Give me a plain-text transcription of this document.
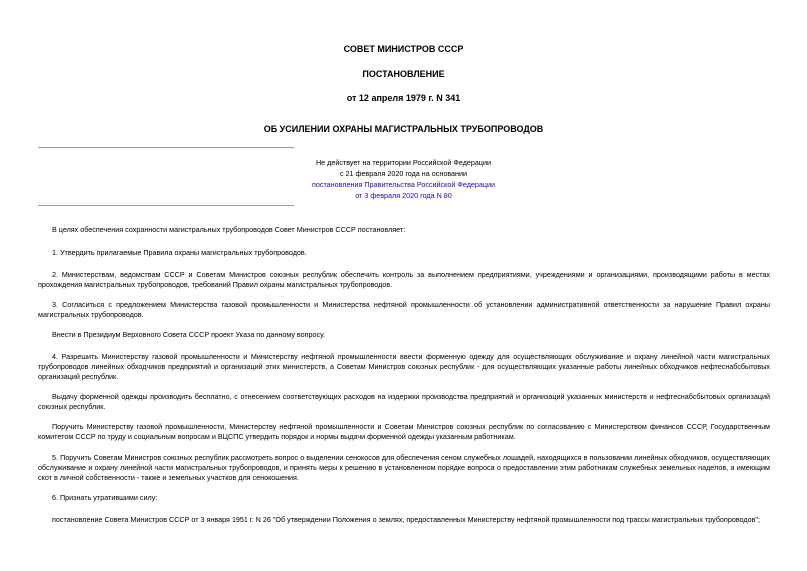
СОВЕТ МИНИСТРОВ СССР
ПОСТАНОВЛЕНИЕ
от 12 апреля 1979 г. N 341
ОБ УСИЛЕНИИ ОХРАНЫ МАГИСТРАЛЬНЫХ ТРУБОПРОВОДОВ
Не действует на территории Российской Федерации
с 21 февраля 2020 года на основании
постановления Правительства Российской Федерации
от 3 февраля 2020 года N 80

В целях обеспечения сохранности магистральных трубопроводов Совет Министров СССР постановляет:

1. Утвердить прилагаемые Правила охраны магистральных трубопроводов.

2. Министерствам, ведомствам СССР и Советам Министров союзных республик обеспечить контроль за выполнением предприятиями, учреждениями и организациями, производящими работы в местах прохождения магистральных трубопроводов, требований Правил охраны магистральных трубопроводов.

3. Согласиться с предложением Министерства газовой промышленности и Министерства нефтяной промышленности об установлении административной ответственности за нарушение Правил охраны магистральных трубопроводов.

Внести в Президиум Верховного Совета СССР проект Указа по данному вопросу.

4. Разрешить Министерству газовой промышленности и Министерству нефтяной промышленности ввести форменную одежду для осуществляющих обслуживание и охрану линейной части магистральных трубопроводов линейных обходчиков предприятий и организаций этих министерств, а Советам Министров союзных республик - для осуществляющих указанные работы линейных обходчиков нефтеснабсбытовых организаций республик.

Выдачу форменной одежды производить бесплатно, с отнесением соответствующих расходов на издержки производства предприятий и организаций указанных министерств и нефтеснабсбытовых организаций союзных республик.

Поручить Министерству газовой промышленности, Министерству нефтяной промышленности и Советам Министров союзных республик по согласованию с Министерством финансов СССР, Государственным комитетом СССР по труду и социальным вопросам и ВЦСПС утвердить порядок и нормы выдачи форменной одежды указанным работникам.

5. Поручить Советам Министров союзных республик рассмотреть вопрос о выделении сенокосов для обеспечения сеном служебных лошадей, находящихся в пользовании линейных обходчиков, осуществляющих обслуживание и охрану линейной части магистральных трубопроводов, и принять меры к решению в установленном порядке вопроса о предоставлении этим работникам служебных земельных наделов, а имеющим скот в личной собственности - также и земельных участков для сенокошения.

6. Признать утратившими силу:

постановление Совета Министров СССР от 3 января 1951 г. N 26 "Об утверждении Положения о землях, предоставленных Министерству нефтяной промышленности под трассы магистральных трубопроводов";
